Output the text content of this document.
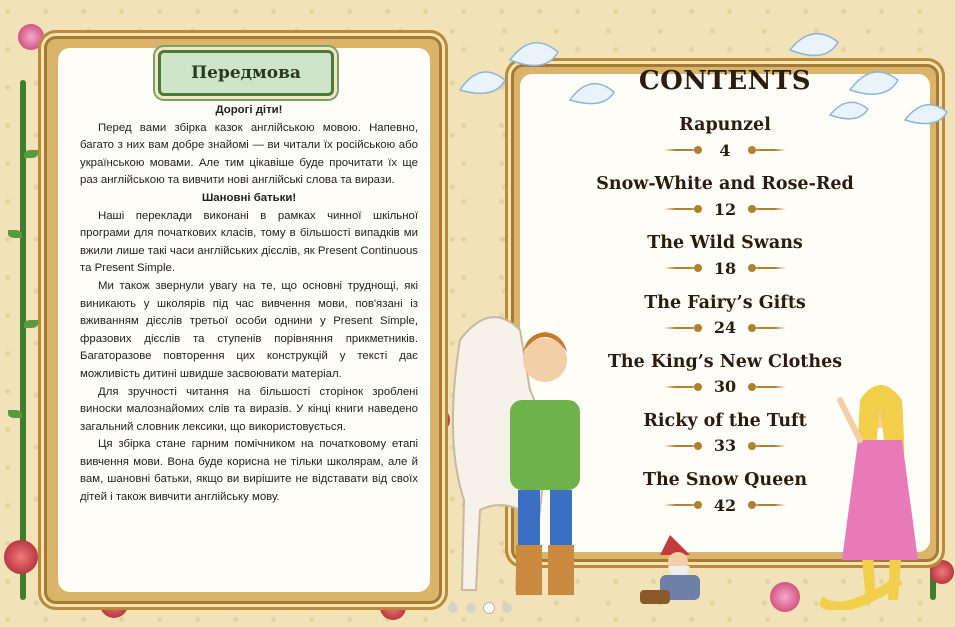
Передмова

Дорогі діти!

Перед вами збірка казок англійською мовою. Напевно, багато з них вам добре знайомі — ви читали їх російською або українською мовами. Але тим цікавіше буде прочитати їх ще раз англійською та вивчити нові англійські слова та вирази.

Шановні батьки!

Наші переклади виконані в рамках чинної шкільної програми для початкових класів, тому в більшості випадків ми вжили лише такі часи англійських дієслів, як Present Continuous та Present Simple.

Ми також звернули увагу на те, що основні труднощі, які виникають у школярів під час вивчення мови, пов'язані із вживанням дієслів третьої особи однини у Present Simple, фразових дієслів та ступенів порівняння прикметників. Багаторазове повторення цих конструкцій у тексті дає можливість дитині швидше засвоювати матеріал.

Для зручності читання на більшості сторінок зроблені виноски малознайомих слів та виразів. У кінці книги наведено загальний словник лексики, що використовується.

Ця збірка стане гарним помічником на початковому етапі вивчення мови. Вона буде корисна не тільки школярам, але й вам, шановні батьки, якщо ви вирішите не відставати від своїх дітей і також вивчити англійську мову.

CONTENTS
Rapunzel
4
Snow-White and Rose-Red
12
The Wild Swans
18
The Fairy’s Gifts
24
The King’s New Clothes
30
Ricky of the Tuft
33
The Snow Queen
42
